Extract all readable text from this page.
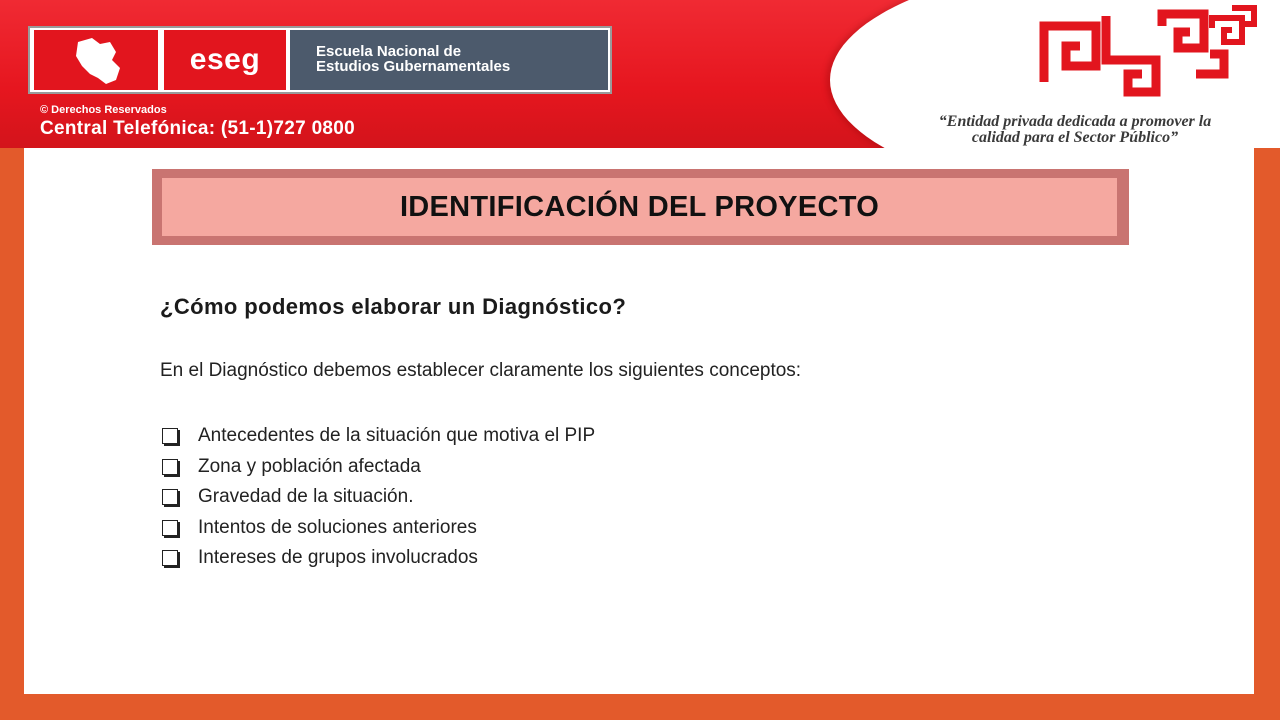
eseg	Escuela Nacional de
Estudios Gubernamentales
© Derechos Reservados
Central Telefónica: (51-1)727 0800	“Entidad privada dedicada a promover la
calidad para el Sector Público”
IDENTIFICACIÓN DEL PROYECTO
¿Cómo podemos elaborar un Diagnóstico?
En el Diagnóstico debemos establecer claramente los siguientes conceptos:
Antecedentes de la situación que motiva el PIP
Zona y población afectada
Gravedad de la situación.
Intentos de soluciones anteriores
Intereses de grupos involucrados
